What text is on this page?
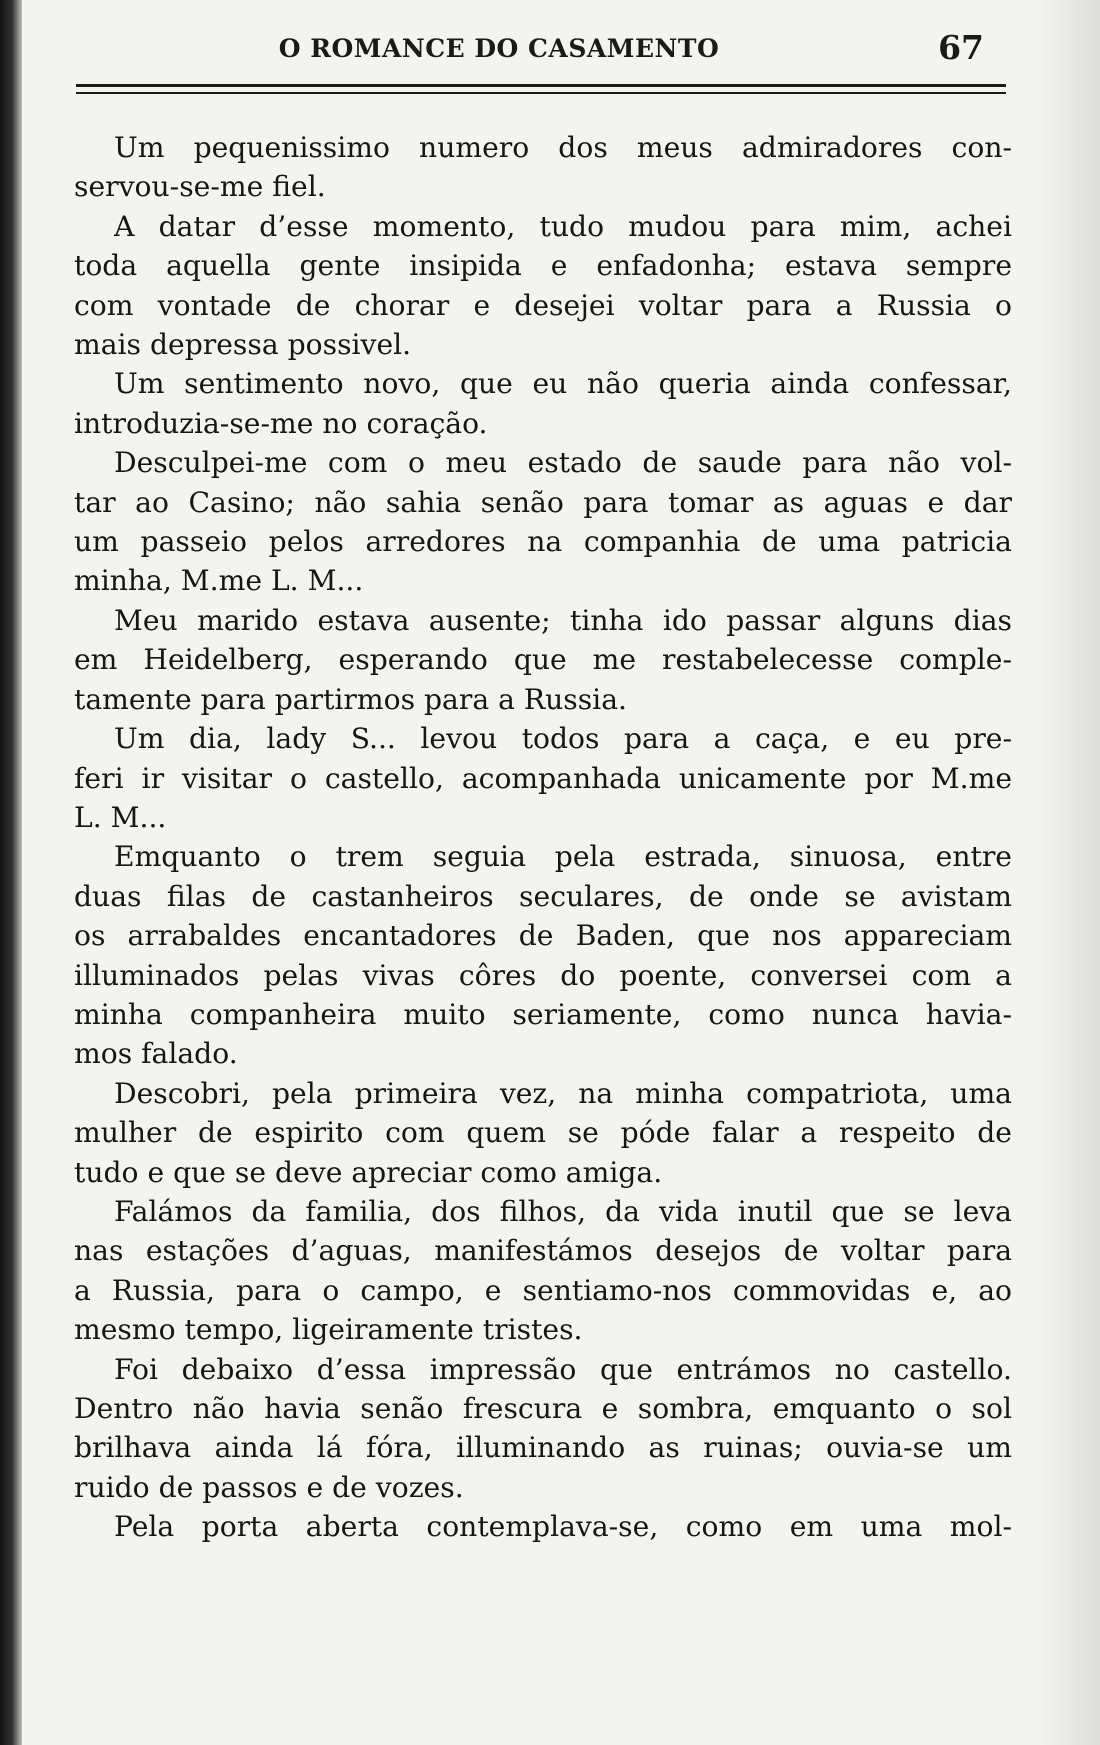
O ROMANCE DO CASAMENTO	67
Um pequenissimo numero dos meus admiradores con-
servou-se-me fiel.
A datar d’esse momento, tudo mudou para mim, achei
toda aquella gente insipida e enfadonha; estava sempre
com vontade de chorar e desejei voltar para a Russia o
mais depressa possivel.
Um sentimento novo, que eu não queria ainda confessar,
introduzia-se-me no coração.
Desculpei-me com o meu estado de saude para não vol-
tar ao Casino; não sahia senão para tomar as aguas e dar
um passeio pelos arredores na companhia de uma patricia
minha, M.me L. M...
Meu marido estava ausente; tinha ido passar alguns dias
em Heidelberg, esperando que me restabelecesse comple-
tamente para partirmos para a Russia.
Um dia, lady S... levou todos para a caça, e eu pre-
feri ir visitar o castello, acompanhada unicamente por M.me
L. M...
Emquanto o trem seguia pela estrada, sinuosa, entre
duas filas de castanheiros seculares, de onde se avistam
os arrabaldes encantadores de Baden, que nos appareciam
illuminados pelas vivas côres do poente, conversei com a
minha companheira muito seriamente, como nunca havia-
mos falado.
Descobri, pela primeira vez, na minha compatriota, uma
mulher de espirito com quem se póde falar a respeito de
tudo e que se deve apreciar como amiga.
Falámos da familia, dos filhos, da vida inutil que se leva
nas estações d’aguas, manifestámos desejos de voltar para
a Russia, para o campo, e sentiamo-nos commovidas e, ao
mesmo tempo, ligeiramente tristes.
Foi debaixo d’essa impressão que entrámos no castello.
Dentro não havia senão frescura e sombra, emquanto o sol
brilhava ainda lá fóra, illuminando as ruinas; ouvia-se um
ruido de passos e de vozes.
Pela porta aberta contemplava-se, como em uma mol-
